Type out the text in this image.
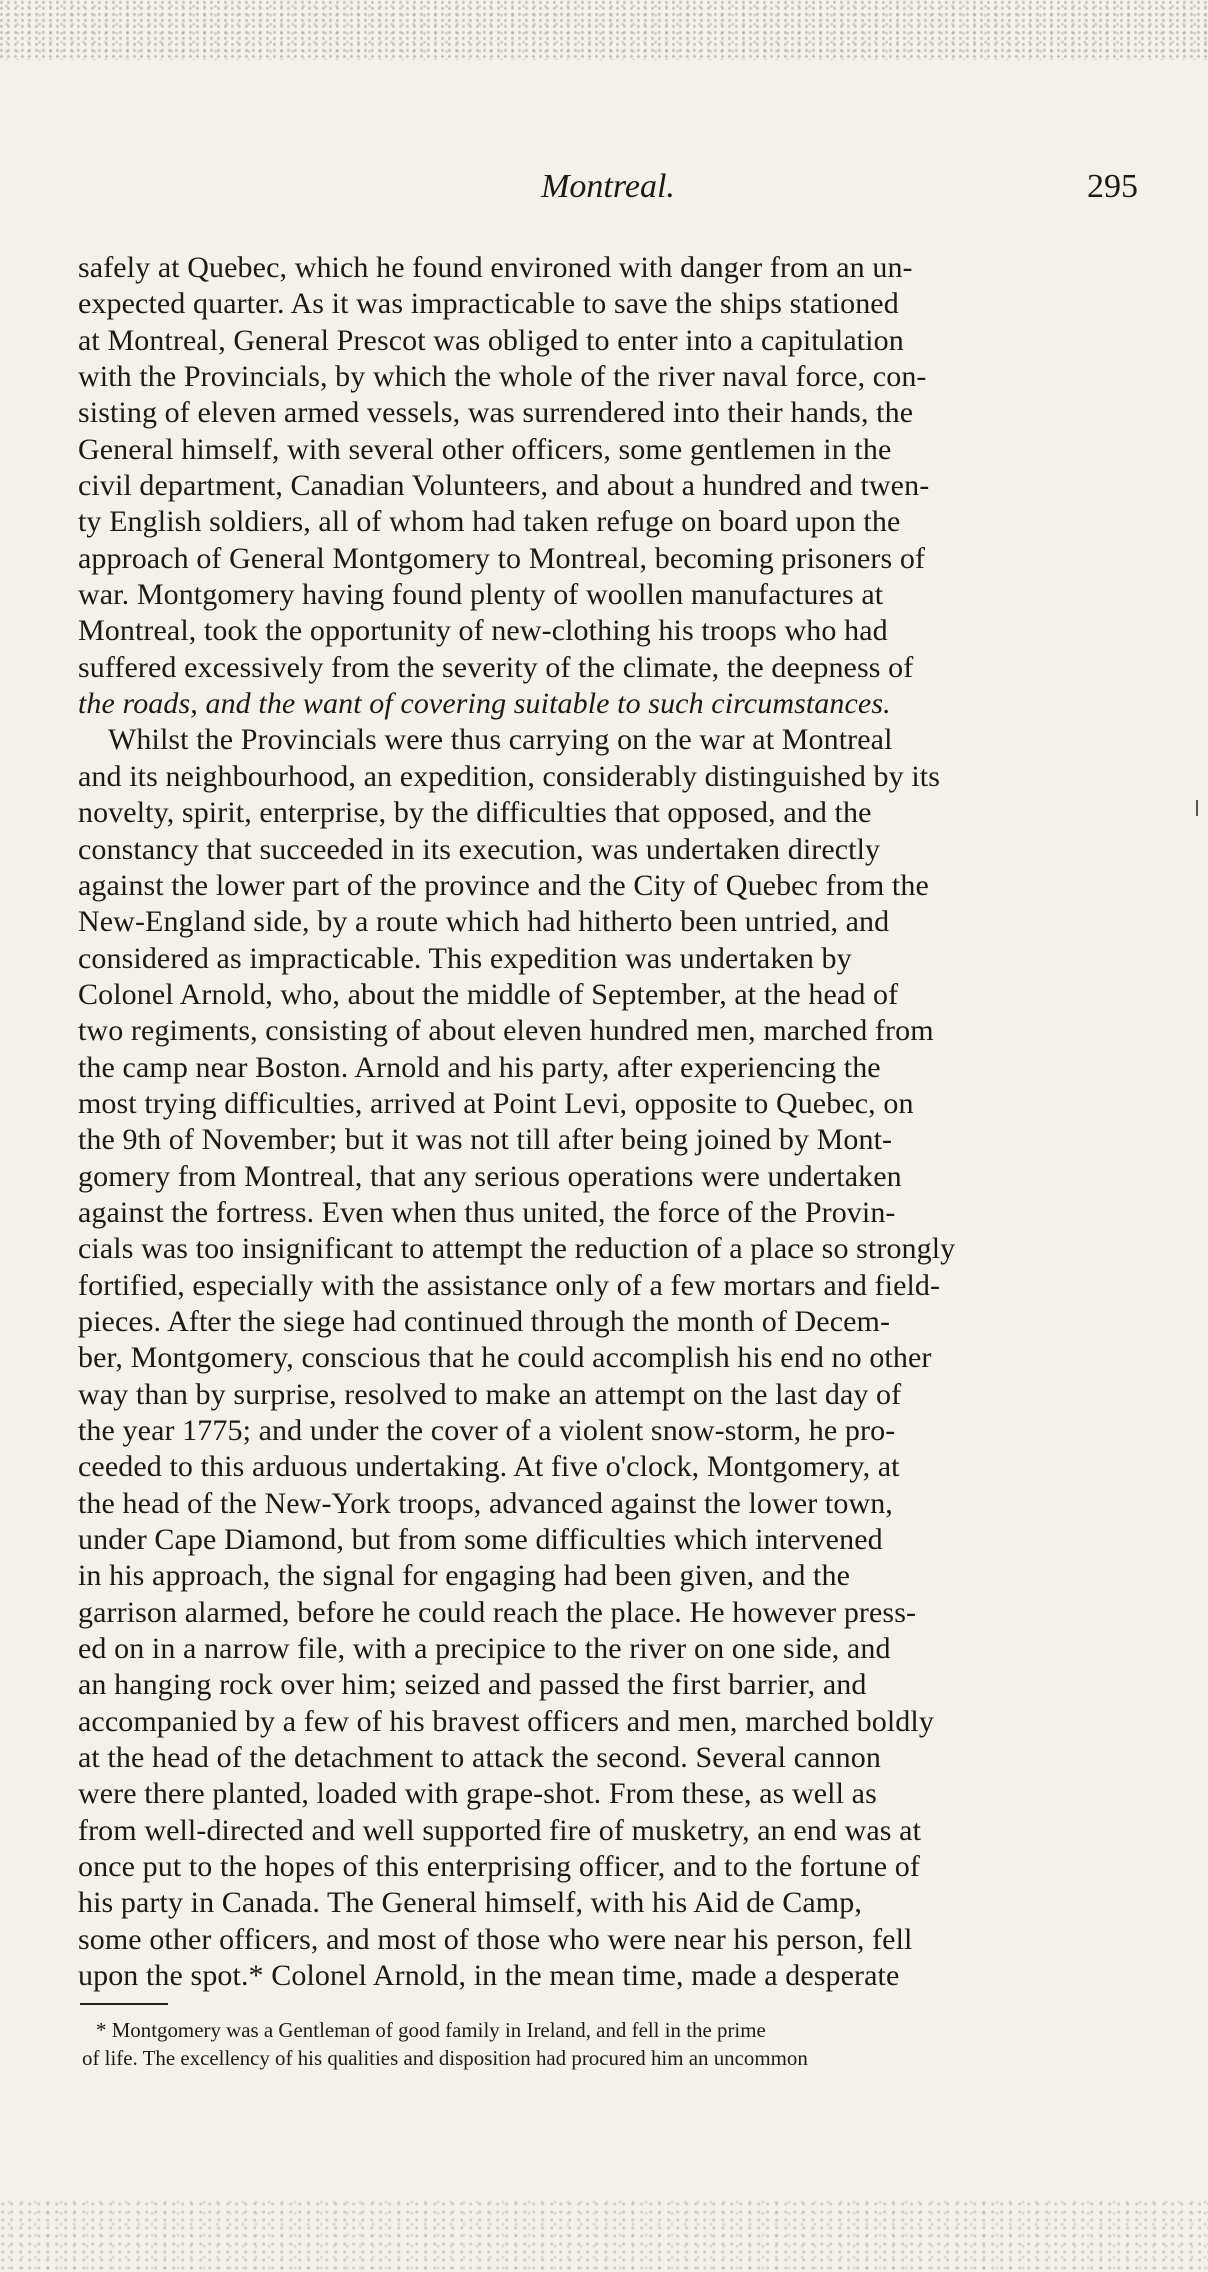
Montreal.	295
safely at Quebec, which he found environed with danger from an un-
expected quarter. As it was impracticable to save the ships stationed
at Montreal, General Prescot was obliged to enter into a capitulation
with the Provincials, by which the whole of the river naval force, con-
sisting of eleven armed vessels, was surrendered into their hands, the
General himself, with several other officers, some gentlemen in the
civil department, Canadian Volunteers, and about a hundred and twen-
ty English soldiers, all of whom had taken refuge on board upon the
approach of General Montgomery to Montreal, becoming prisoners of
war. Montgomery having found plenty of woollen manufactures at
Montreal, took the opportunity of new-clothing his troops who had
suffered excessively from the severity of the climate, the deepness of
the roads, and the want of covering suitable to such circumstances.
Whilst the Provincials were thus carrying on the war at Montreal
and its neighbourhood, an expedition, considerably distinguished by its
novelty, spirit, enterprise, by the difficulties that opposed, and the
constancy that succeeded in its execution, was undertaken directly
against the lower part of the province and the City of Quebec from the
New-England side, by a route which had hitherto been untried, and
considered as impracticable. This expedition was undertaken by
Colonel Arnold, who, about the middle of September, at the head of
two regiments, consisting of about eleven hundred men, marched from
the camp near Boston. Arnold and his party, after experiencing the
most trying difficulties, arrived at Point Levi, opposite to Quebec, on
the 9th of November; but it was not till after being joined by Mont-
gomery from Montreal, that any serious operations were undertaken
against the fortress. Even when thus united, the force of the Provin-
cials was too insignificant to attempt the reduction of a place so strongly
fortified, especially with the assistance only of a few mortars and field-
pieces. After the siege had continued through the month of Decem-
ber, Montgomery, conscious that he could accomplish his end no other
way than by surprise, resolved to make an attempt on the last day of
the year 1775; and under the cover of a violent snow-storm, he pro-
ceeded to this arduous undertaking. At five o'clock, Montgomery, at
the head of the New-York troops, advanced against the lower town,
under Cape Diamond, but from some difficulties which intervened
in his approach, the signal for engaging had been given, and the
garrison alarmed, before he could reach the place. He however press-
ed on in a narrow file, with a precipice to the river on one side, and
an hanging rock over him; seized and passed the first barrier, and
accompanied by a few of his bravest officers and men, marched boldly
at the head of the detachment to attack the second. Several cannon
were there planted, loaded with grape-shot. From these, as well as
from well-directed and well supported fire of musketry, an end was at
once put to the hopes of this enterprising officer, and to the fortune of
his party in Canada. The General himself, with his Aid de Camp,
some other officers, and most of those who were near his person, fell
upon the spot.* Colonel Arnold, in the mean time, made a desperate
* Montgomery was a Gentleman of good family in Ireland, and fell in the prime
of life. The excellency of his qualities and disposition had procured him an uncommon
